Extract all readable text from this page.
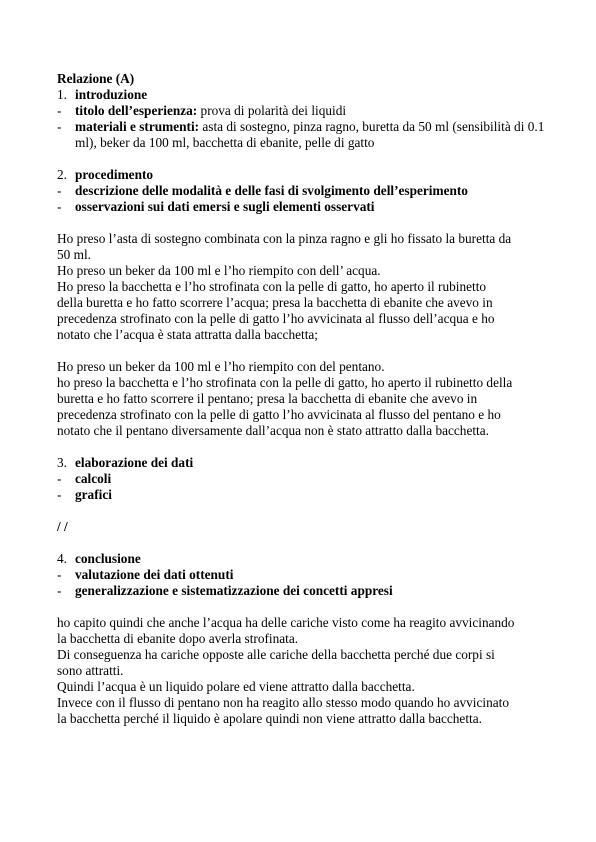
Relazione (A)
1. introduzione
-	titolo dell’esperienza: prova di polarità dei liquidi
-	materiali e strumenti: asta di sostegno, pinza ragno, buretta da 50 ml (sensibilità di 0.1 ml), beker da 100 ml, bacchetta di ebanite, pelle di gatto
2. procedimento
-	descrizione delle modalità e delle fasi di svolgimento dell’esperimento
-	osservazioni sui dati emersi e sugli elementi osservati
Ho preso l’asta di sostegno combinata con la pinza ragno e gli ho fissato la buretta da
50 ml.
Ho preso un beker da 100 ml e l’ho riempito con dell’ acqua.
Ho preso la bacchetta e l’ho strofinata con la pelle di gatto, ho aperto il rubinetto
della buretta e ho fatto scorrere l’acqua; presa la bacchetta di ebanite che avevo in
precedenza strofinato con la pelle di gatto l’ho avvicinata al flusso dell’acqua e ho
notato che l’acqua è stata attratta dalla bacchetta;
Ho preso un beker da 100 ml e l’ho riempito con del pentano.
ho preso la bacchetta e l’ho strofinata con la pelle di gatto, ho aperto il rubinetto della
buretta e ho fatto scorrere il pentano; presa la bacchetta di ebanite che avevo in
precedenza strofinato con la pelle di gatto l’ho avvicinata al flusso del pentano e ho
notato che il pentano diversamente dall’acqua non è stato attratto dalla bacchetta.
3. elaborazione dei dati
-	calcoli
-	grafici
/ /
4. conclusione
-	valutazione dei dati ottenuti
-	generalizzazione e sistematizzazione dei concetti appresi
ho capito quindi che anche l’acqua ha delle cariche visto come ha reagito avvicinando
la bacchetta di ebanite dopo averla strofinata.
Di conseguenza ha cariche opposte alle cariche della bacchetta perché due corpi si
sono attratti.
Quindi l’acqua è un liquido polare ed viene attratto dalla bacchetta.
Invece con il flusso di pentano non ha reagito allo stesso modo quando ho avvicinato
la bacchetta perché il liquido è apolare quindi non viene attratto dalla bacchetta.
